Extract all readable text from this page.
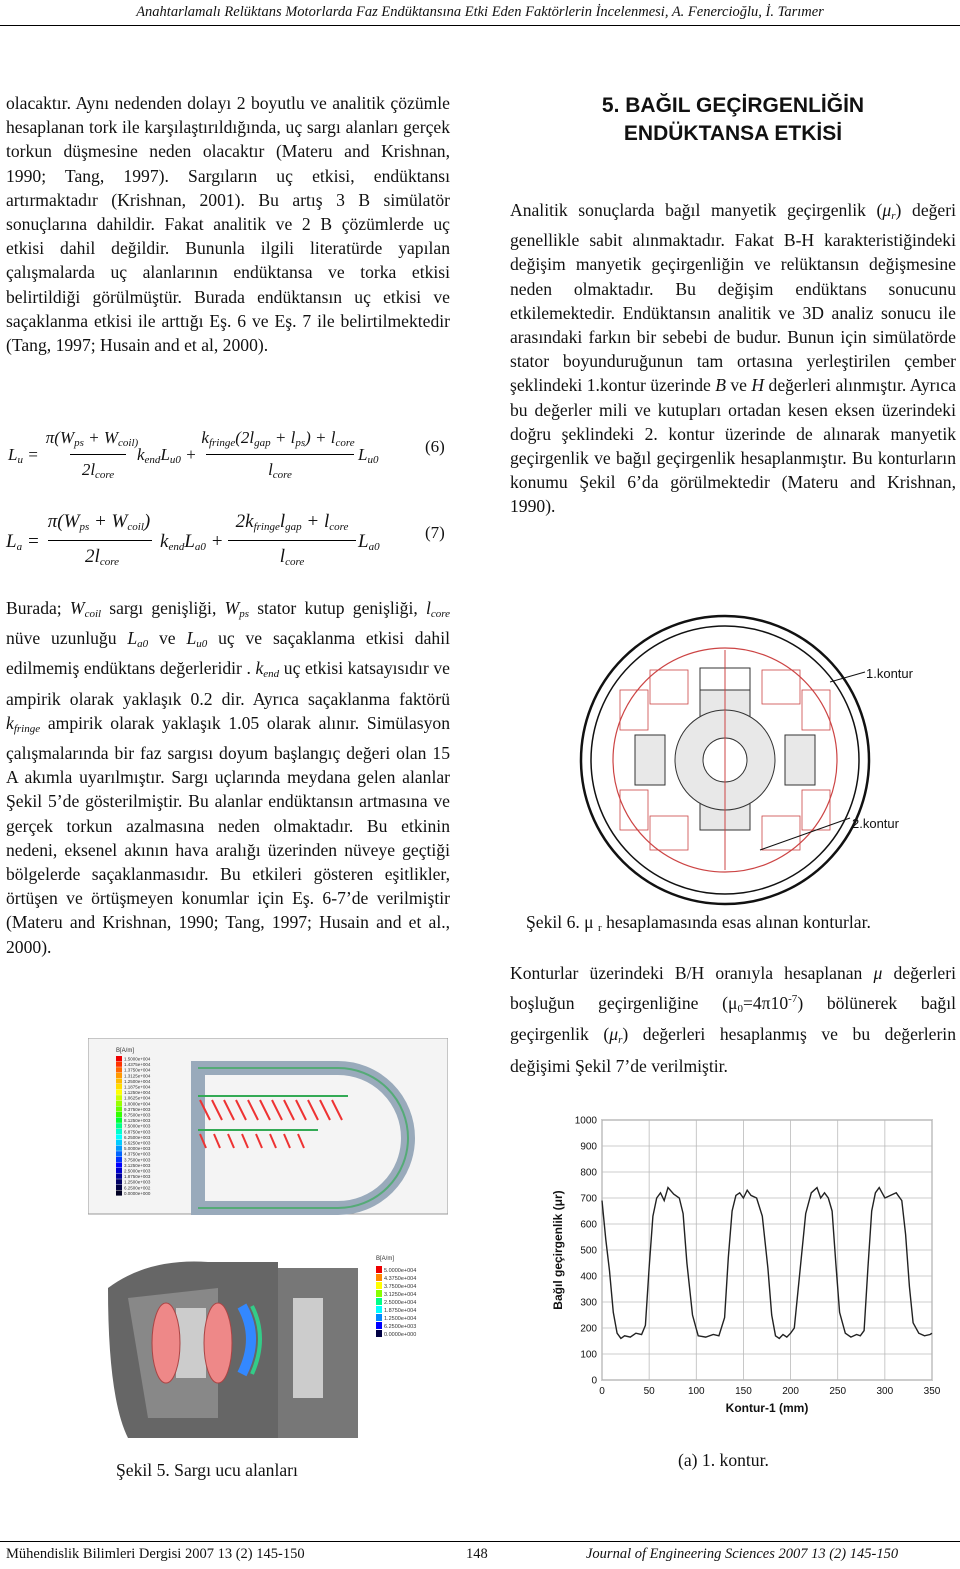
Anahtarlamalı Relüktans Motorlarda Faz Endüktansına Etki Eden Faktörlerin İncelenmesi, A. Fenercioğlu, İ. Tarımer

olacaktır. Aynı nedenden dolayı 2 boyutlu ve analitik çözümle hesaplanan tork ile karşılaştırıldığında, uç sargı alanları gerçek torkun düşmesine neden olacaktır (Materu and Krishnan, 1990; Tang, 1997). Sargıların uç etkisi, endüktansı artırmaktadır (Krishnan, 2001). Bu artış 3 B simülatör sonuçlarına dahildir. Fakat analitik ve 2 B çözümlerde uç etkisi dahil değildir. Bununla ilgili literatürde yapılan çalışmalarda uç alanlarının endüktansa ve torka etkisi belirtildiği görülmüştür. Burada endüktansın uç etkisi ve saçaklanma etkisi ile arttığı Eş. 6 ve Eş. 7 ile belirtilmektedir (Tang, 1997; Husain and et al, 2000).

$L_u$ =
$\pi(W_{ps} + W_{coil)}$
$2l_{core}$
$k_{end}L_{u0}$ +
$k_{fringe}(2l_{gap} + l_{ps}) + l_{core}$
$l_{core}$
$L_{u0}$
(6)
$L_a$ =
$\pi(W_{ps} + W_{coil})$
$2l_{core}$
$k_{end}L_{a0}$ +
$2k_{fringe}l_{gap} + l_{core}$
$l_{core}$
$L_{a0}$
(7)

Burada; $W_{coil}$ sargı genişliği, $W_{ps}$ stator kutup genişliği, $l_{core}$ nüve uzunluğu $L_{a0}$ ve $L_{u0}$ uç ve saçaklanma etkisi dahil edilmemiş endüktans değerleridir . $k_{end}$ uç etkisi katsayısıdır ve ampirik olarak yaklaşık 0.2 dir. Ayrıca saçaklanma faktörü $k_{fringe}$ ampirik olarak yaklaşık 1.05 olarak alınır. Simülasyon çalışmalarında bir faz sargısı doyum başlangıç değeri olan 15 A akımla uyarılmıştır. Sargı uçlarında meydana gelen alanlar Şekil 5’de gösterilmiştir. Bu alanlar endüktansın artmasına ve gerçek torkun azalmasına neden olmaktadır. Bu etkinin nedeni, eksenel akının hava aralığı üzerinden nüveye geçtiği bölgelerde saçaklanmasıdır. Bu etkileri gösteren eşitlikler, örtüşen ve örtüşmeyen konumlar için Eş. 6-7’de verilmiştir (Materu and Krishnan, 1990; Tang, 1997; Husain and et al., 2000).

B[A/m]
1.5000e+004
1.4375e+004
1.3750e+004
1.3125e+004
1.2500e+004
1.1875e+004
1.1250e+004
1.0625e+004
1.0000e+004
9.3750e+003
8.7500e+003
8.1250e+003
7.5000e+003
6.8750e+003
6.2500e+003
5.6250e+003
5.0000e+003
4.3750e+003
3.7500e+003
3.1250e+003
2.5000e+003
1.8750e+003
1.2500e+003
6.2500e+002
0.0000e+000
B[A/m]
5.0000e+004
4.3750e+004
3.7500e+004
3.1250e+004
2.5000e+004
1.8750e+004
1.2500e+004
6.2500e+003
0.0000e+000
Şekil 5. Sargı ucu alanları
5. BAĞIL GEÇİRGENLİĞİN
ENDÜKTANSA ETKİSİ

Analitik sonuçlarda bağıl manyetik geçirgenlik $(\mu_r)$ değeri genellikle sabit alınmaktadır. Fakat B-H karakteristiğindeki değişim manyetik geçirgenliğin ve relüktansın değişmesine neden olmaktadır. Bu değişim endüktans sonucunu etkilemektedir. Endüktansın analitik ve 3D analiz sonucu ile arasındaki farkın bir sebebi de budur. Bunun için simülatörde stator boyunduruğunun tam ortasına yerleştirilen çember şeklindeki 1.kontur üzerinde B ve H değerleri alınmıştır. Ayrıca bu değerler mili ve kutupları ortadan kesen eksen üzerindeki doğru şeklindeki 2. kontur üzerinde de alınarak manyetik geçirgenlik ve bağıl geçirgenlik hesaplanmıştır. Bu konturların konumu Şekil 6’da görülmektedir (Materu and Krishnan, 1990).

1.kontur
2.kontur
Şekil 6. μ $_r$ hesaplamasında esas alınan konturlar.

Konturlar üzerindeki B/H oranıyla hesaplanan μ değerleri boşluğun geçirgenliğine $(\mu_0=4\pi 10^{-7})$ bölünerek bağıl geçirgenlik $(\mu_r)$ değerleri hesaplanmış ve bu değerlerin değişimi Şekil 7’de verilmiştir.

0
100
200
300
400
500
600
700
800
900
1000
0	50	100	150	200	250	300	350
Kontur-1 (mm)
Bağıl geçirgenlik (μr)
(a) 1. kontur.
Mühendislik Bilimleri Dergisi 2007 13 (2) 145-150	148	Journal of Engineering Sciences 2007 13 (2) 145-150
